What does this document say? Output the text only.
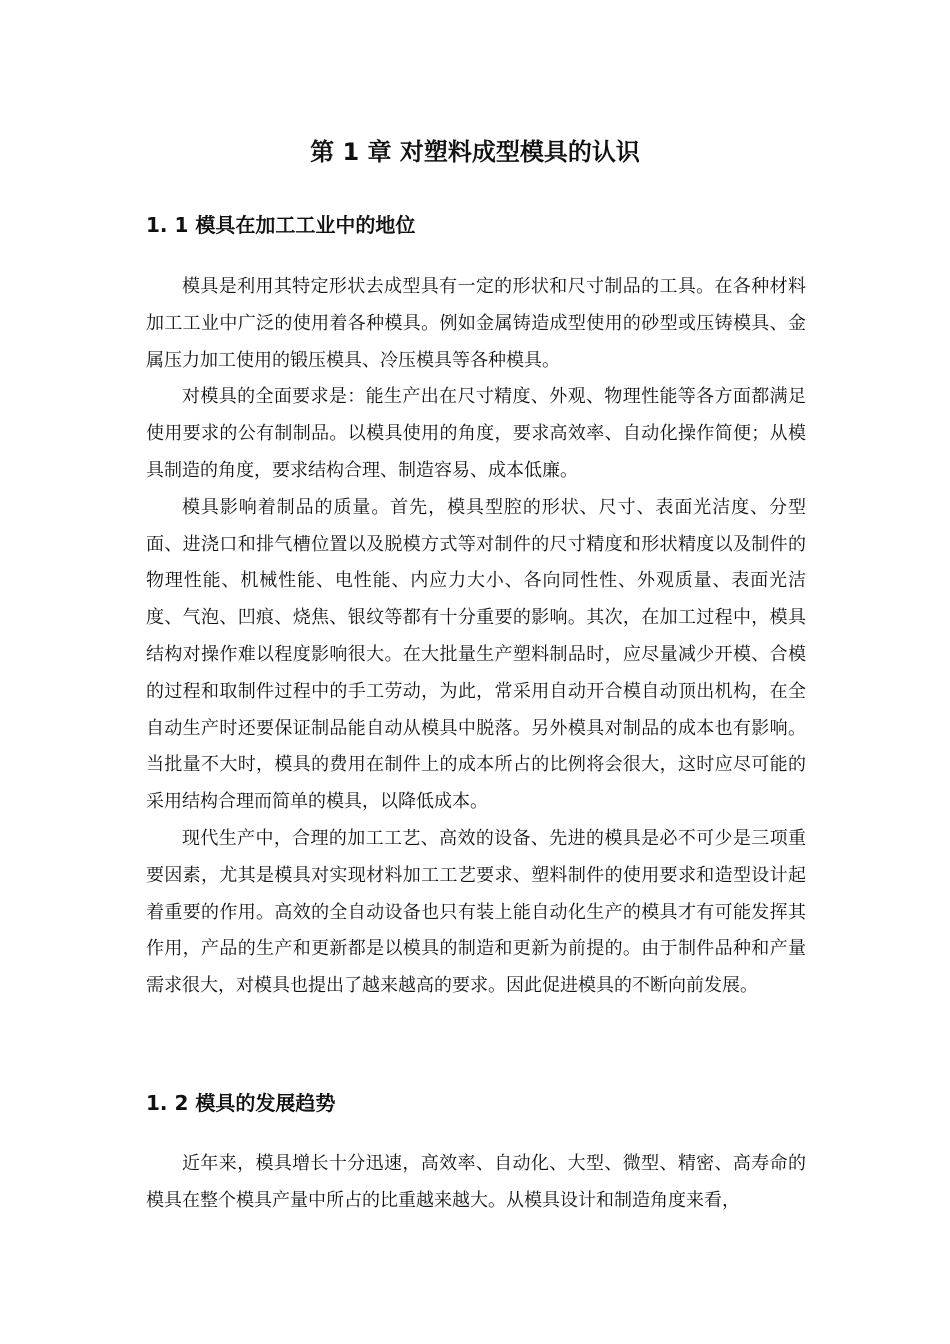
第 1 章 对塑料成型模具的认识
1. 1 模具在加工工业中的地位

模具是利用其特定形状去成型具有一定的形状和尺寸制品的工具。在各种材料加工工业中广泛的使用着各种模具。例如金属铸造成型使用的砂型或压铸模具、金属压力加工使用的锻压模具、冷压模具等各种模具。

对模具的全面要求是：能生产出在尺寸精度、外观、物理性能等各方面都满足使用要求的公有制制品。以模具使用的角度，要求高效率、自动化操作简便；从模具制造的角度，要求结构合理、制造容易、成本低廉。

模具影响着制品的质量。首先，模具型腔的形状、尺寸、表面光洁度、分型面、进浇口和排气槽位置以及脱模方式等对制件的尺寸精度和形状精度以及制件的物理性能、机械性能、电性能、内应力大小、各向同性性、外观质量、表面光洁度、气泡、凹痕、烧焦、银纹等都有十分重要的影响。其次，在加工过程中，模具结构对操作难以程度影响很大。在大批量生产塑料制品时，应尽量减少开模、合模的过程和取制件过程中的手工劳动，为此，常采用自动开合模自动顶出机构，在全自动生产时还要保证制品能自动从模具中脱落。另外模具对制品的成本也有影响。当批量不大时，模具的费用在制件上的成本所占的比例将会很大，这时应尽可能的采用结构合理而简单的模具，以降低成本。

现代生产中，合理的加工工艺、高效的设备、先进的模具是必不可少是三项重要因素，尤其是模具对实现材料加工工艺要求、塑料制件的使用要求和造型设计起着重要的作用。高效的全自动设备也只有装上能自动化生产的模具才有可能发挥其作用，产品的生产和更新都是以模具的制造和更新为前提的。由于制件品种和产量需求很大，对模具也提出了越来越高的要求。因此促进模具的不断向前发展。

1. 2 模具的发展趋势

近年来，模具增长十分迅速，高效率、自动化、大型、微型、精密、高寿命的模具在整个模具产量中所占的比重越来越大。从模具设计和制造角度来看，
